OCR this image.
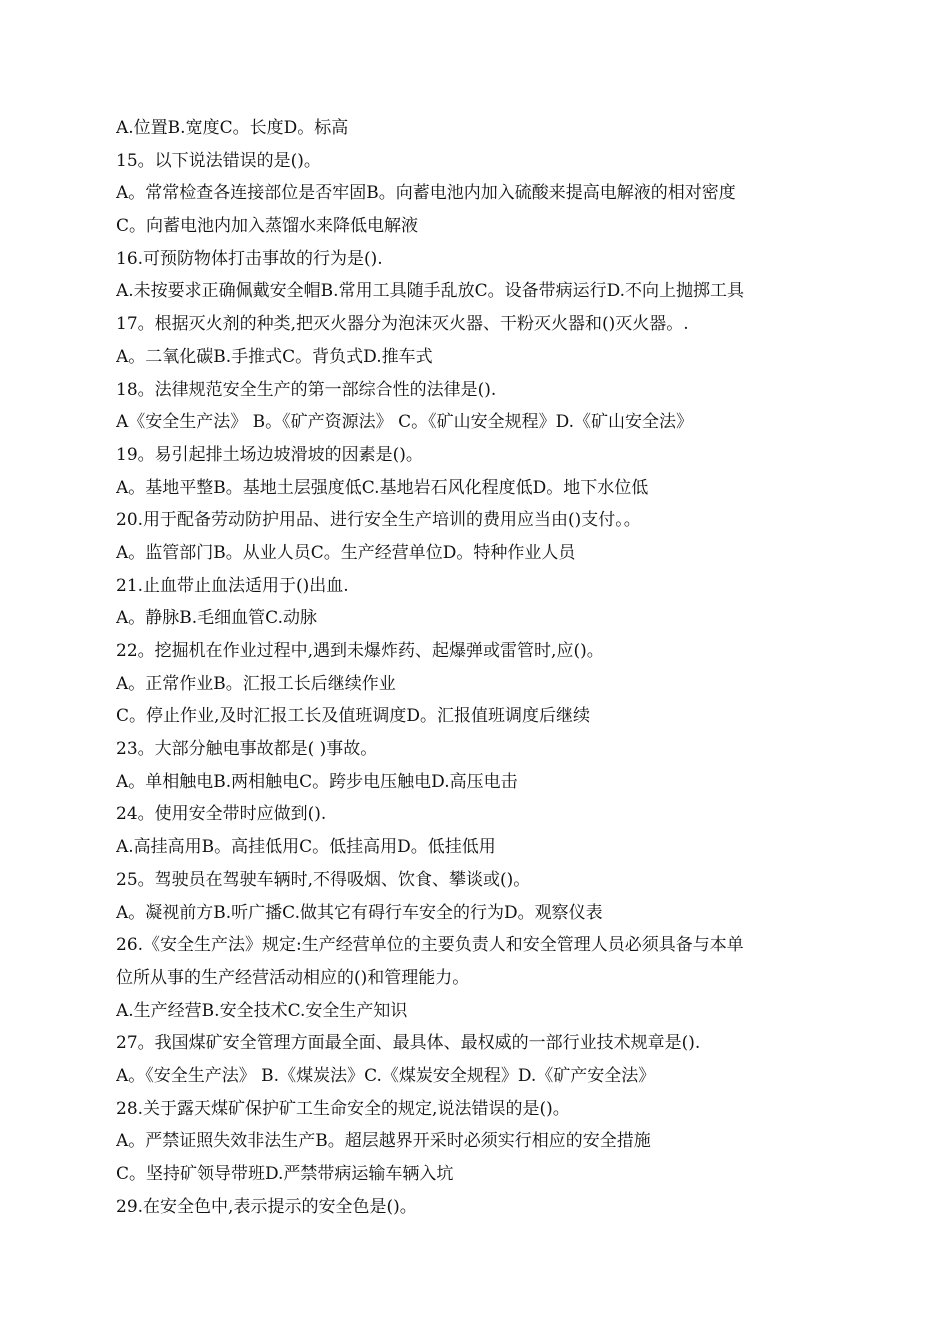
A.位置B.宽度C。长度D。标高
15。以下说法错误的是()。
A。常常检查各连接部位是否牢固B。向蓄电池内加入硫酸来提高电解液的相对密度
C。向蓄电池内加入蒸馏水来降低电解液
16.可预防物体打击事故的行为是().
A.未按要求正确佩戴安全帽B.常用工具随手乱放C。设备带病运行D.不向上抛掷工具
17。根据灭火剂的种类,把灭火器分为泡沫灭火器、干粉灭火器和()灭火器。.
A。二氧化碳B.手推式C。背负式D.推车式
18。法律规范安全生产的第一部综合性的法律是().
A《安全生产法》 B。《矿产资源法》 C。《矿山安全规程》D.《矿山安全法》
19。易引起排土场边坡滑坡的因素是()。
A。基地平整B。基地土层强度低C.基地岩石风化程度低D。地下水位低
20.用于配备劳动防护用品、进行安全生产培训的费用应当由()支付。。
A。监管部门B。从业人员C。生产经营单位D。特种作业人员
21.止血带止血法适用于()出血.
A。静脉B.毛细血管C.动脉
22。挖掘机在作业过程中,遇到未爆炸药、起爆弹或雷管时,应()。
A。正常作业B。汇报工长后继续作业
C。停止作业,及时汇报工长及值班调度D。汇报值班调度后继续
23。大部分触电事故都是( )事故。
A。单相触电B.两相触电C。跨步电压触电D.高压电击
24。使用安全带时应做到().
A.高挂高用B。高挂低用C。低挂高用D。低挂低用
25。驾驶员在驾驶车辆时,不得吸烟、饮食、攀谈或()。
A。凝视前方B.听广播C.做其它有碍行车安全的行为D。观察仪表
26.《安全生产法》规定:生产经营单位的主要负责人和安全管理人员必须具备与本单
位所从事的生产经营活动相应的()和管理能力。
A.生产经营B.安全技术C.安全生产知识
27。我国煤矿安全管理方面最全面、最具体、最权威的一部行业技术规章是().
A。《安全生产法》 B.《煤炭法》C.《煤炭安全规程》D.《矿产安全法》
28.关于露天煤矿保护矿工生命安全的规定,说法错误的是()。
A。严禁证照失效非法生产B。超层越界开采时必须实行相应的安全措施
C。坚持矿领导带班D.严禁带病运输车辆入坑
29.在安全色中,表示提示的安全色是()。
